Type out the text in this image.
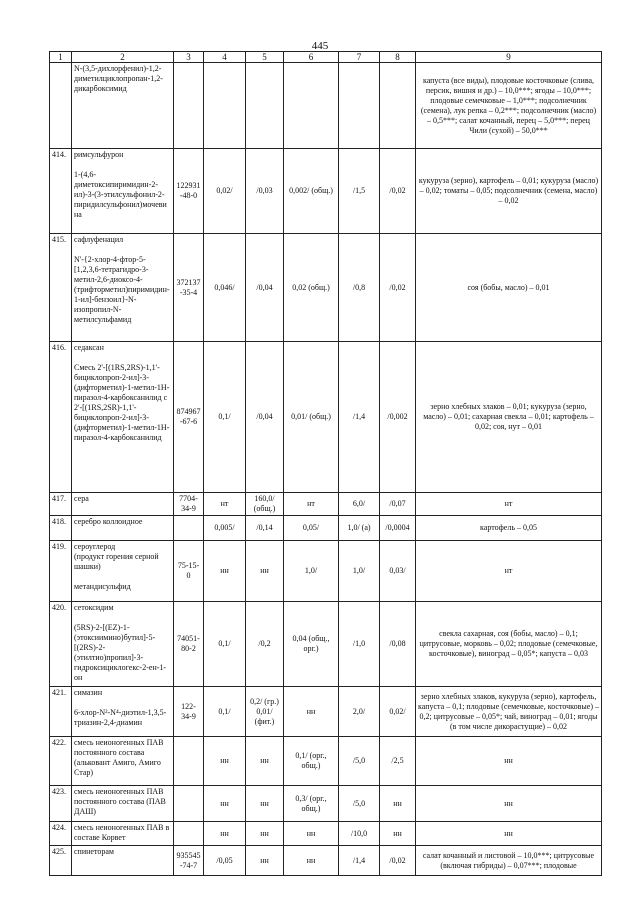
445
1	2	3	4	5	6	7	8	9
	N-(3,5-дихлорфенил)-1,2-диметилциклопропан-1,2-дикарбоксимид							капуста (все виды), плодовые косточковые (слива, персик, вишня и др.) – 10,0***; ягоды – 10,0***; плодовые семечковые – 1,0***; подсолнечник (семена), лук репка – 0,2***; подсолнечник (масло) – 0,5***; салат кочанный, перец – 5,0***; перец Чили (сухой) – 50,0***
414.	римсульфурон

1-(4,6-диметоксипиримидин-2-ил)-3-(3-этилсульфонил-2-пиридилсульфонил)мочевина	122931-48-0	0,02/	/0,03	0,002/ (общ.)	/1,5	/0,02	кукуруза (зерно), картофель – 0,01; кукуруза (масло) – 0,02; томаты – 0,05; подсолнечник (семена, масло) – 0,02
415.	сафлуфенацил

N'-{2-хлор-4-фтор-5-[1,2,3,6-тетрагидро-3-метил-2,6-диоксо-4-(трифторметил)пиримидин-1-ил]-бензоил}-N-изопропил-N-метилсульфамид	372137-35-4	0,046/	/0,04	0,02 (общ.)	/0,8	/0,02	соя (бобы, масло) – 0,01
416.	седаксан

Смесь 2'-[(1RS,2RS)-1,1'-бициклопроп-2-ил]-3-(дифторметил)-1-метил-1H-пиразол-4-карбоксанилид с 2'-[(1RS,2SR)-1,1'-бициклопроп-2-ил]-3-(дифторметил)-1-метил-1H-пиразол-4-карбоксанилид	874967-67-6	0,1/	/0,04	0,01/ (общ.)	/1,4	/0,002	зерно хлебных злаков – 0,01; кукуруза (зерно, масло) – 0,01; сахарная свекла – 0,01; картофель – 0,02; соя, нут – 0,01
417.	сера	7704-34-9	нт	160,0/ (общ.)	нт	6,0/	/0,07	нт
418.	серебро коллоидное		0,005/	/0,14	0,05/	1,0/ (а)	/0,0004	картофель – 0,05
419.	сероуглерод
(продукт горения серной шашки)

метандисульфид	75-15-0	нн	нн	1,0/	1,0/	0,03/	нт
420.	сетоксидим

(5RS)-2-[(EZ)-1-(этоксиимино)бутил]-5-[(2RS)-2-(этилтио)пропил]-3-гидроксициклогекс-2-ен-1-он	74051-80-2	0,1/	/0,2	0,04 (общ., орг.)	/1,0	/0,08	свекла сахарная, соя (бобы, масло) – 0,1; цитрусовые, морковь – 0,02; плодовые (семечковые, косточковые), виноград – 0,05*; капуста – 0,03
421.	симазин

6-хлор-N²-N⁴-диэтил-1,3,5-триазин-2,4-диамин	122-34-9	0,1/	0,2/ (гр.) 0,01/ (фит.)	нн	2,0/	0,02/	зерно хлебных злаков, кукуруза (зерно), картофель, капуста – 0,1; плодовые (семечковые, косточковые) – 0,2; цитрусовые – 0,05*; чай, виноград – 0,01; ягоды (в том числе дикорастущие) – 0,02
422.	смесь неионогенных ПАВ постоянного состава (альковант Амиго, Амиго Стар)		нн	нн	0,1/ (орг., общ.)	/5,0	/2,5	нн
423.	смесь неионогенных ПАВ постоянного состава (ПАВ ДАШ)		нн	нн	0,3/ (орг., общ.)	/5,0	нн	нн
424.	смесь неионогенных ПАВ в составе Корвет		нн	нн	нн	/10,0	нн	нн
425.	спинеторам	935545-74-7	/0,05	нн	нн	/1,4	/0,02	салат кочанный и листовой – 10,0***; цитрусовые (включая гибриды) – 0,07***; плодовые
